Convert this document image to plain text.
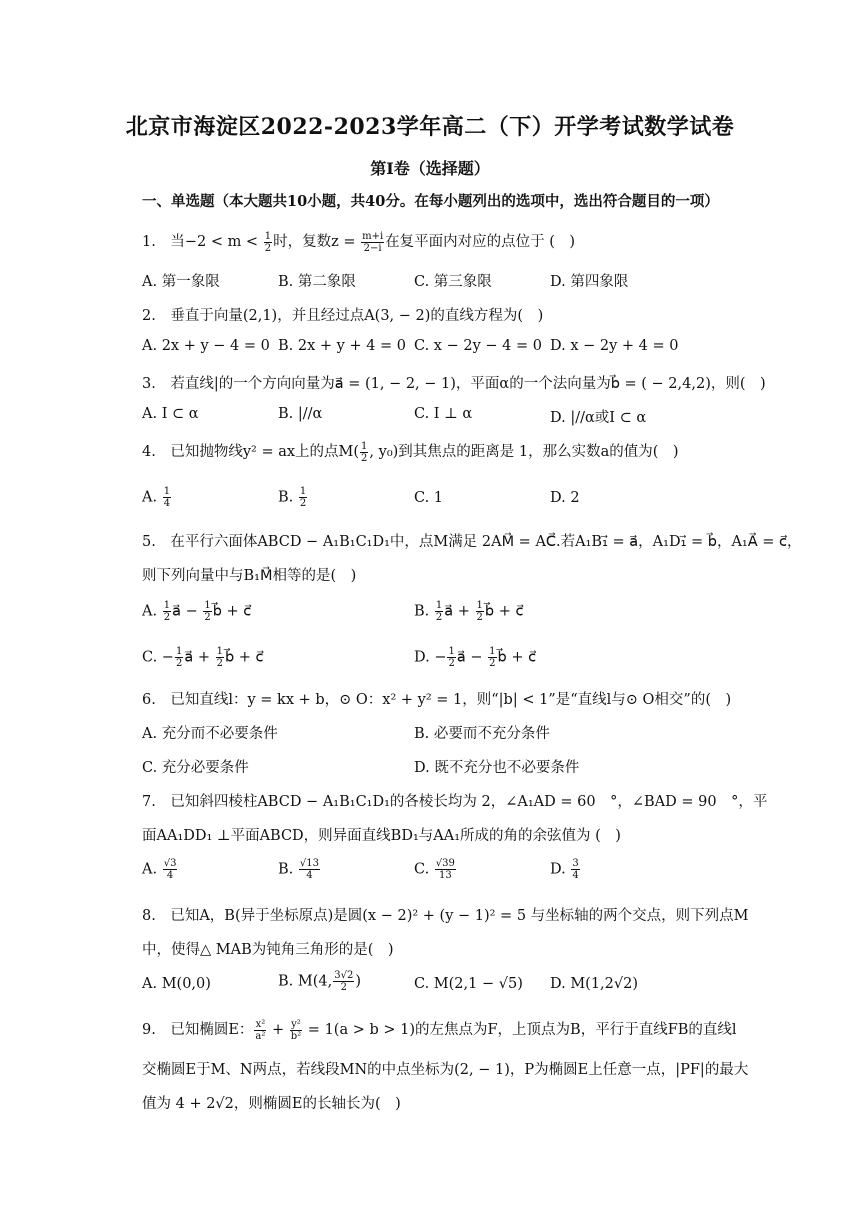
北京市海淀区2022-2023学年高二（下）开学考试数学试卷
第I卷（选择题）
一、单选题（本大题共10小题，共40分。在每小题列出的选项中，选出符合题目的一项）
1.　当$-2 < m < \frac{1}{2}$ 时，复数$z = \frac{m+i}{2-i}$ 在复平面内对应的点位于 (　)
A. 第一象限	B. 第二象限	C. 第三象限	D. 第四象限
2.　垂直于向量(2,1)，并且经过点A(3, − 2)的直线方程为(　)
A. 2x + y − 4 = 0 B. 2x + y + 4 = 0 C. x − 2y − 4 = 0 D. x − 2y + 4 = 0
3.　若直线|的一个方向向量为a⃗ = (1, − 2, − 1)，平面α的一个法向量为b⃗ = ( − 2,4,2)，则(　)
A. I ⊂ α	B. |//α	C. I ⊥ α	D. |//α或I ⊂ α
4.　已知抛物线y² = ax上的点$M( \frac{1}{2}$ , y₀)到其焦点的距离是 1，那么实数a的值为(　)
A. $\frac{1}{4}$	B. $\frac{1}{2}$	C. 1	D. 2
5.　在平行六面体ABCD − A₁B₁C₁D₁中，点M满足 2AM⃗ = AC⃗.若A₁B₁⃗ = a⃗，A₁D₁⃗ = b⃗，A₁A⃗ = c⃗，
则下列向量中与B₁M⃗相等的是(　)
A. $\frac{1}{2}$ a⃗ − $\frac{1}{2}$ b⃗ + c⃗	B. $\frac{1}{2}$ a⃗ + $\frac{1}{2}$ b⃗ + c⃗
C. − $\frac{1}{2}$ a⃗ + $\frac{1}{2}$ b⃗ + c⃗	D. − $\frac{1}{2}$ a⃗ − $\frac{1}{2}$ b⃗ + c⃗
6.　已知直线l：y = kx + b，⊙ O：x² + y² = 1，则“|b| < 1”是“直线l与⊙ O相交”的(　)
A. 充分而不必要条件	B. 必要而不充分条件
C. 充分必要条件	D. 既不充分也不必要条件
7.　已知斜四棱柱ABCD − A₁B₁C₁D₁的各棱长均为 2，∠A₁AD = 60　°，∠BAD = 90　°，平
面AA₁DD₁ ⊥平面ABCD，则异面直线BD₁与AA₁所成的角的余弦值为 (　)
A. $\frac{√3}{4}$	B. $\frac{√13}{4}$	C. $\frac{√39}{13}$	D. $\frac{3}{4}$
8.　已知A，B(异于坐标原点)是圆(x − 2)² + (y − 1)² = 5 与坐标轴的两个交点，则下列点M
中，使得△ MAB为钝角三角形的是(　)
A. M(0,0)	B. M(4, $\frac{3√2}{2}$ )	C. M(2,1 − √5) D. M(1,2√2)
9.　已知椭圆E： $\frac{\text{x²}}{\text{a²}} + \frac{\text{y²}}{\text{b²}} = 1(a > b > 1)$的左焦点为F，上顶点为B，平行于直线FB的直线l
交椭圆E于M、N两点，若线段MN的中点坐标为(2, − 1)，P为椭圆E上任意一点，|PF|的最大
值为 4 + 2√2，则椭圆E的长轴长为(　)
